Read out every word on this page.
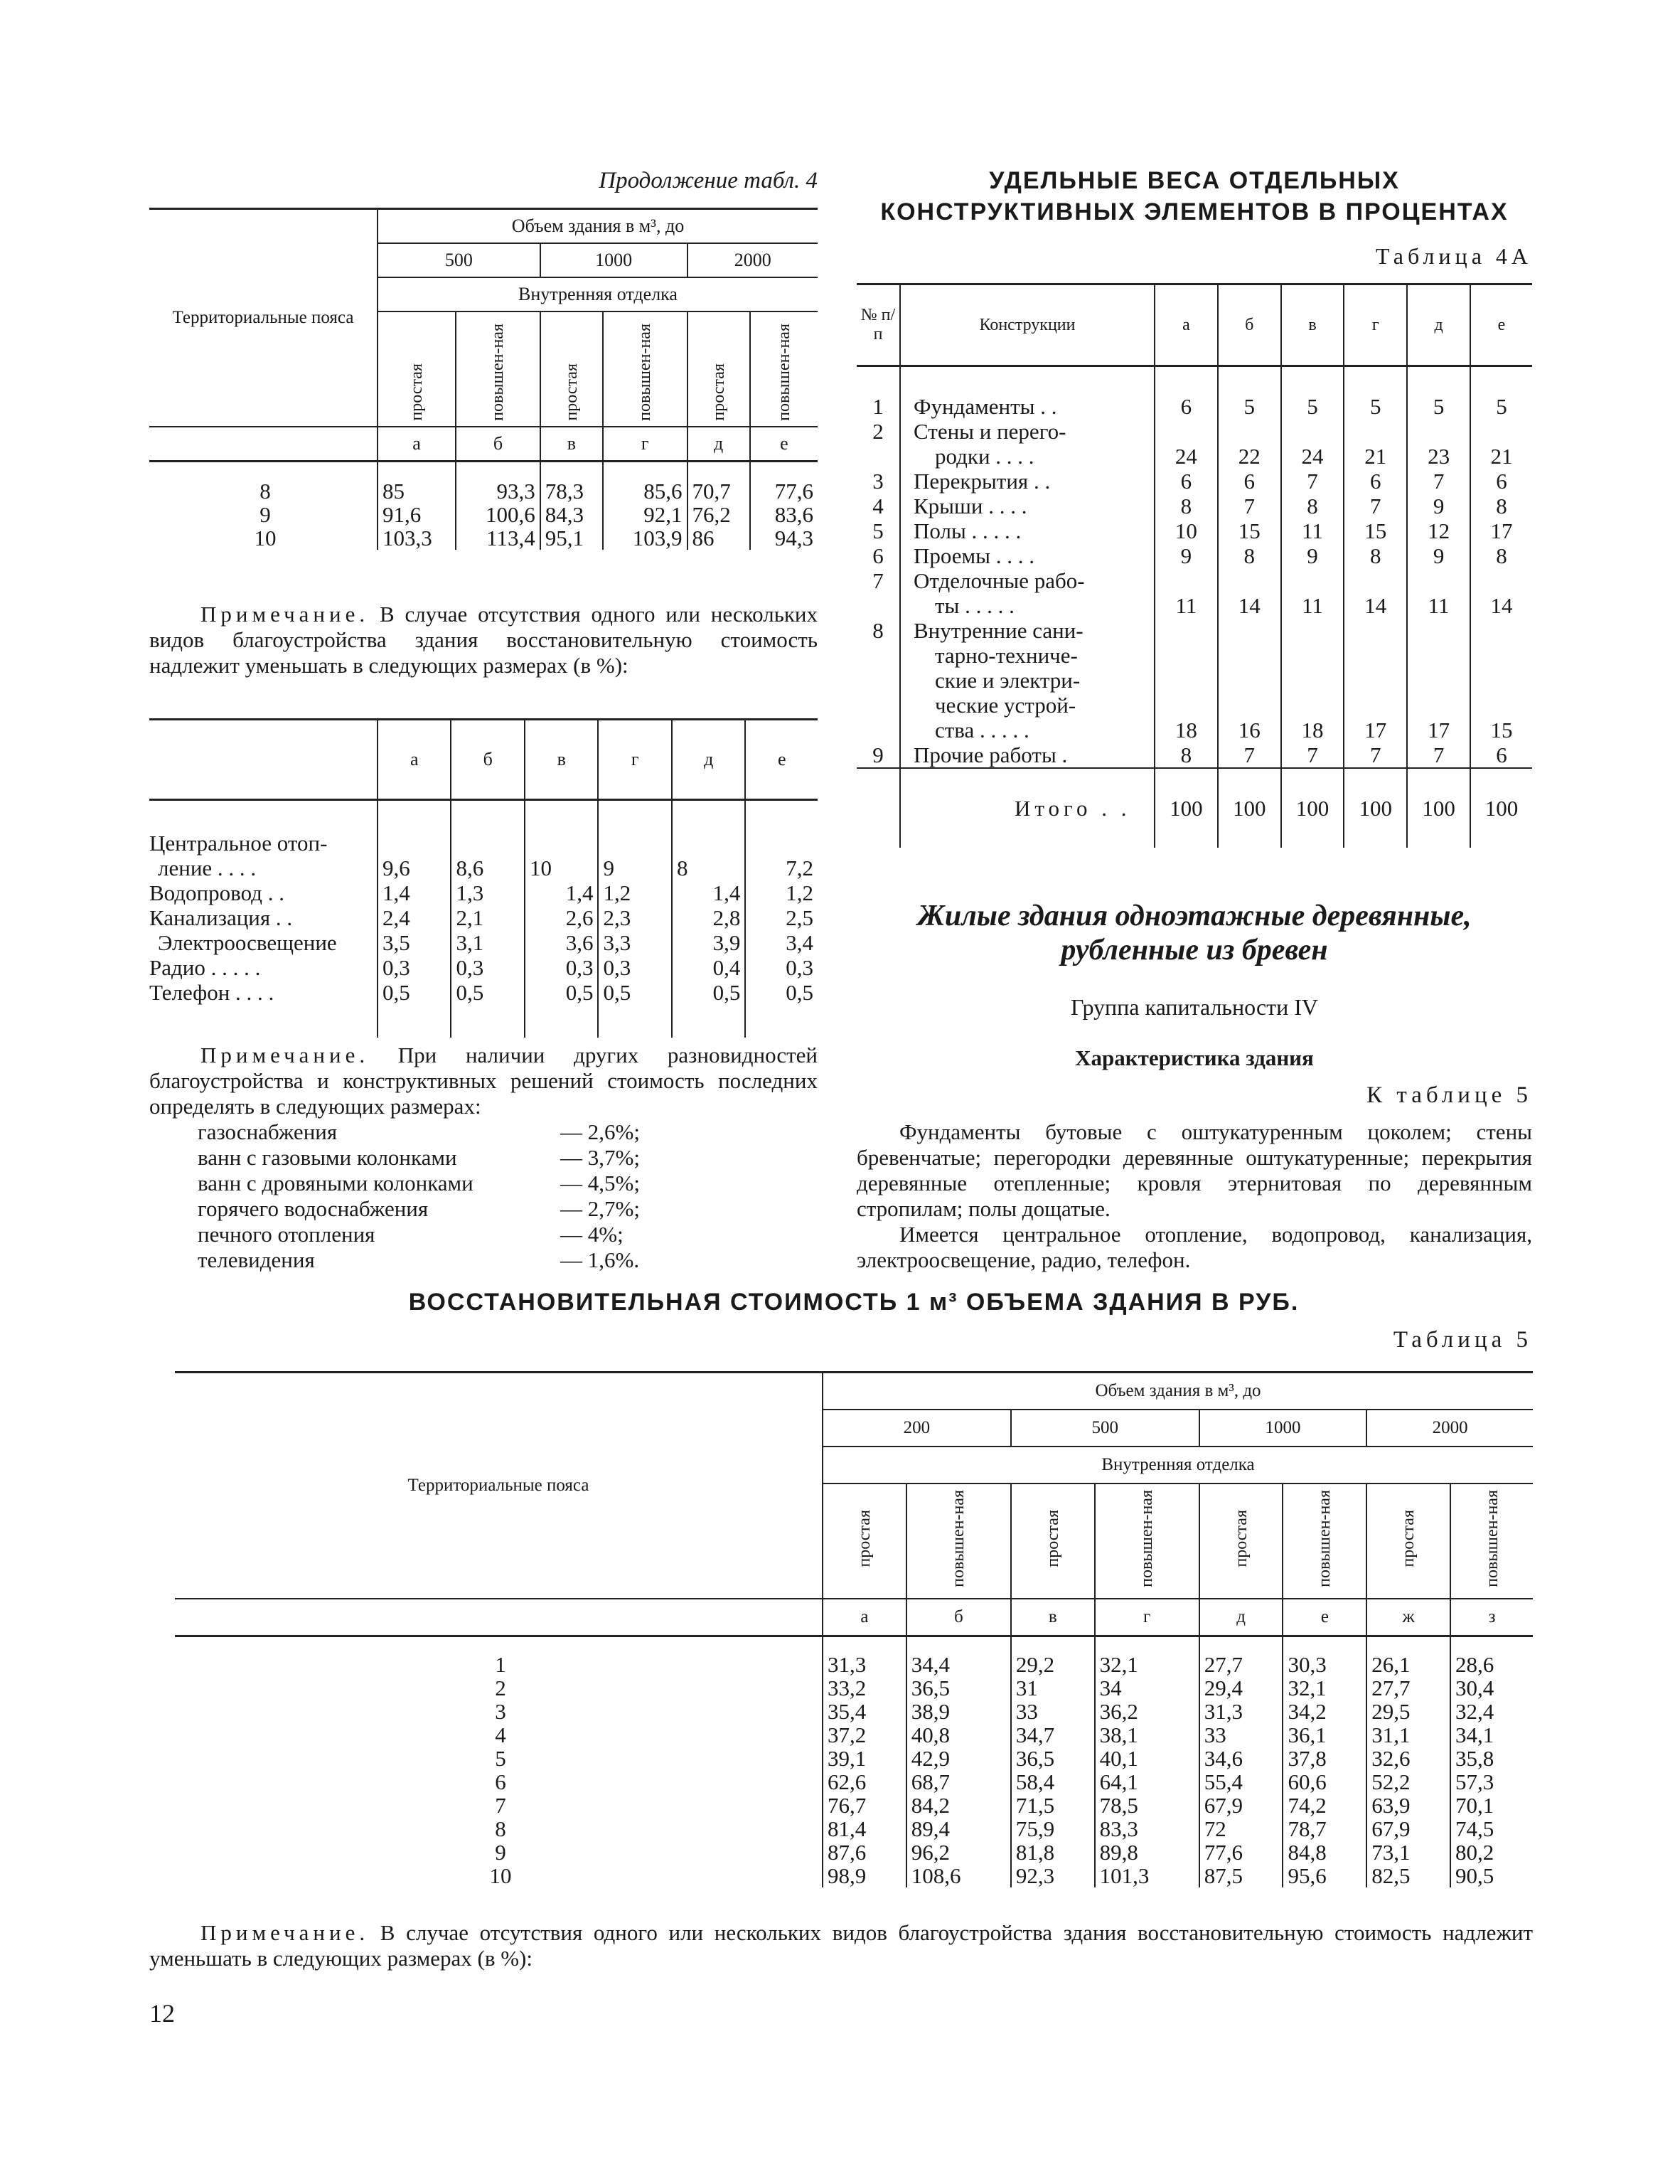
Продолжение табл. 4
Территориальные пояса	Объем здания в м³, до					
	500		1000		2000	
	Внутренняя отделка					
	простая	повышен-ная	простая	повышен-ная	простая	повышен-ная
	а	б	в	г	д	е

8	85	93,3	78,3	85,6	70,7	77,6
9	91,6	100,6	84,3	92,1	76,2	83,6
10	103,3	113,4	95,1	103,9	86	94,3
Примечание. В случае отсутствия одного или нескольких видов благоустройства здания восстановительную стоимость надлежит уменьшать в следующих размерах (в %):
	а	б	в	г	д	е

Центральное отоп-						
ление . . . .	9,6	8,6	10	9	8	7,2
Водопровод . .	1,4	1,3	1,4	1,2	1,4	1,2
Канализация . .	2,4	2,1	2,6	2,3	2,8	2,5
Электроосвещение	3,5	3,1	3,6	3,3	3,9	3,4
Радио . . . . .	0,3	0,3	0,3	0,3	0,4	0,3
Телефон . . . .	0,5	0,5	0,5	0,5	0,5	0,5

Примечание. При наличии других разновидностей благоустройства и конструктивных решений стоимость последних определять в следующих размерах:
газоснабжения	— 2,6%;
ванн с газовыми колонками	— 3,7%;
ванн с дровяными колонками	— 4,5%;
горячего водоснабжения	— 2,7%;
печного отопления	— 4%;
телевидения	— 1,6%.
УДЕЛЬНЫЕ ВЕСА ОТДЕЛЬНЫХ
КОНСТРУКТИВНЫХ ЭЛЕМЕНТОВ В ПРОЦЕНТАХ
Таблица 4А
№ п/п	Конструкции	а	б	в	г	д	е

1	Фундаменты . .	6	5	5	5	5	5
2	Стены и перего-						
	родки . . . .	24	22	24	21	23	21
3	Перекрытия . .	6	6	7	6	7	6
4	Крыши . . . .	8	7	8	7	9	8
5	Полы . . . . .	10	15	11	15	12	17
6	Проемы . . . .	9	8	9	8	9	8
7	Отделочные рабо-						
	ты . . . . .	11	14	11	14	11	14
8	Внутренние сани-						
	тарно-техниче-						
	ские и электри-						
	ческие устрой-						
	ства . . . . .	18	16	18	17	17	15
9	Прочие работы .	8	7	7	7	7	6
	Итого . .	100	100	100	100	100	100
Жилые здания одноэтажные деревянные,
рубленные из бревен
Группа капитальности IV
Характеристика здания
К таблице 5
Фундаменты бутовые с оштукатуренным цоколем; стены бревенчатые; перегородки деревянные оштукатуренные; перекрытия деревянные отепленные; кровля этернитовая по деревянным стропилам; полы дощатые.
Имеется центральное отопление, водопровод, канализация, электроосвещение, радио, телефон.
ВОССТАНОВИТЕЛЬНАЯ СТОИМОСТЬ 1 м³ ОБЪЕМА ЗДАНИЯ В РУБ.
Таблица 5
Территориальные пояса	Объем здания в м³, до							
	200		500		1000		2000	
	Внутренняя отделка							
	простая	повышен-ная	простая	повышен-ная	простая	повышен-ная	простая	повышен-ная
	а	б	в	г	д	е	ж	з

1	31,3	34,4	29,2	32,1	27,7	30,3	26,1	28,6
2	33,2	36,5	31	34	29,4	32,1	27,7	30,4
3	35,4	38,9	33	36,2	31,3	34,2	29,5	32,4
4	37,2	40,8	34,7	38,1	33	36,1	31,1	34,1
5	39,1	42,9	36,5	40,1	34,6	37,8	32,6	35,8
6	62,6	68,7	58,4	64,1	55,4	60,6	52,2	57,3
7	76,7	84,2	71,5	78,5	67,9	74,2	63,9	70,1
8	81,4	89,4	75,9	83,3	72	78,7	67,9	74,5
9	87,6	96,2	81,8	89,8	77,6	84,8	73,1	80,2
10	98,9	108,6	92,3	101,3	87,5	95,6	82,5	90,5
Примечание. В случае отсутствия одного или нескольких видов благоустройства здания восстановительную стоимость надлежит уменьшать в следующих размерах (в %):
12
